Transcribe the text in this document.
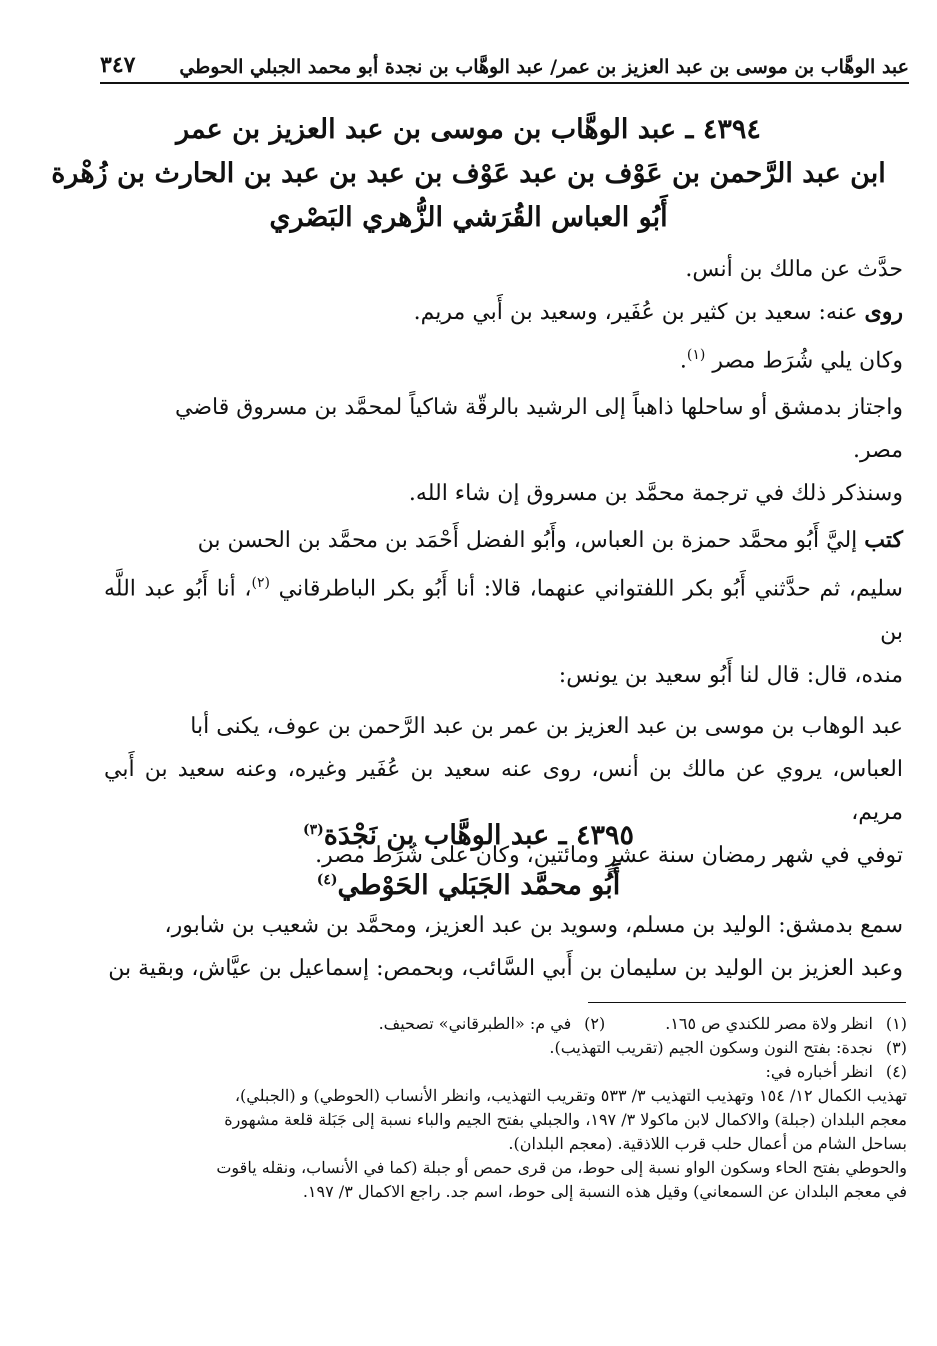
عبد الوهَّاب بن موسى بن عبد العزيز بن عمر/ عبد الوهَّاب بن نجدة أبو محمد الجبلي الحوطي
٣٤٧
٤٣٩٤ ـ عبد الوهَّاب بن موسى بن عبد العزيز بن عمر
ابن عبد الرَّحمن بن عَوْف بن عبد عَوْف بن عبد بن عبد بن الحارث بن زُهْرة
أَبُو العباس القُرَشي الزُّهري البَصْري

حدَّث عن مالك بن أنس.

روى عنه: سعيد بن كثير بن عُفَير، وسعيد بن أَبي مريم.

وكان يلي شُرَط مصر $^{(١)}$.

واجتاز بدمشق أو ساحلها ذاهباً إلى الرشيد بالرقّة شاكياً لمحمَّد بن مسروق قاضي
مصر.

وسنذكر ذلك في ترجمة محمَّد بن مسروق إن شاء الله.

كتب إليَّ أَبُو محمَّد حمزة بن العباس، وأَبُو الفضل أَحْمَد بن محمَّد بن الحسن بن
سليم، ثم حدَّثني أَبُو بكر اللفتواني عنهما، قالا: أنا أَبُو بكر الباطرقاني $^{(٢)}$، أنا أَبُو عبد اللَّه بن
منده، قال: قال لنا أَبُو سعيد بن يونس:

عبد الوهاب بن موسى بن عبد العزيز بن عمر بن عبد الرَّحمن بن عوف، يكنى أبا
العباس، يروي عن مالك بن أنس، روى عنه سعيد بن عُفَير وغيره، وعنه سعيد بن أَبي مريم،
توفي في شهر رمضان سنة عشرٍ ومائتين، وكان على شُرَط مصر.

٤٣٩٥ ـ عبد الوهَّاب بن نَجْدَة$^{(٣)}$
أَبُو محمَّد الجَبَلي الحَوْطي$^{(٤)}$

سمع بدمشق: الوليد بن مسلم، وسويد بن عبد العزيز، ومحمَّد بن شعيب بن شابور،
وعبد العزيز بن الوليد بن سليمان بن أَبي السَّائب، وبحمص: إسماعيل بن عيَّاش، وبقية بن

(١)
انظر ولاة مصر للكندي ص ١٦٥.
(٢)
في م: «الطبرقاني» تصحيف.
(٣)
نجدة: بفتح النون وسكون الجيم (تقريب التهذيب).
(٤)
انظر أخباره في:
تهذيب الكمال ١٢/ ١٥٤ وتهذيب التهذيب ٣/ ٥٣٣ وتقريب التهذيب، وانظر الأنساب (الحوطي) و (الجبلي)،
معجم البلدان (جبلة) والاكمال لابن ماكولا ٣/ ١٩٧، والجبلي بفتح الجيم والباء نسبة إلى جَبَلة قلعة مشهورة
بساحل الشام من أعمال حلب قرب اللاذقية. (معجم البلدان).
والحوطي بفتح الحاء وسكون الواو نسبة إلى حوط، من قرى حمص أو جبلة (كما في الأنساب، ونقله ياقوت
في معجم البلدان عن السمعاني) وقيل هذه النسبة إلى حوط، اسم جد. راجع الاكمال ٣/ ١٩٧.
